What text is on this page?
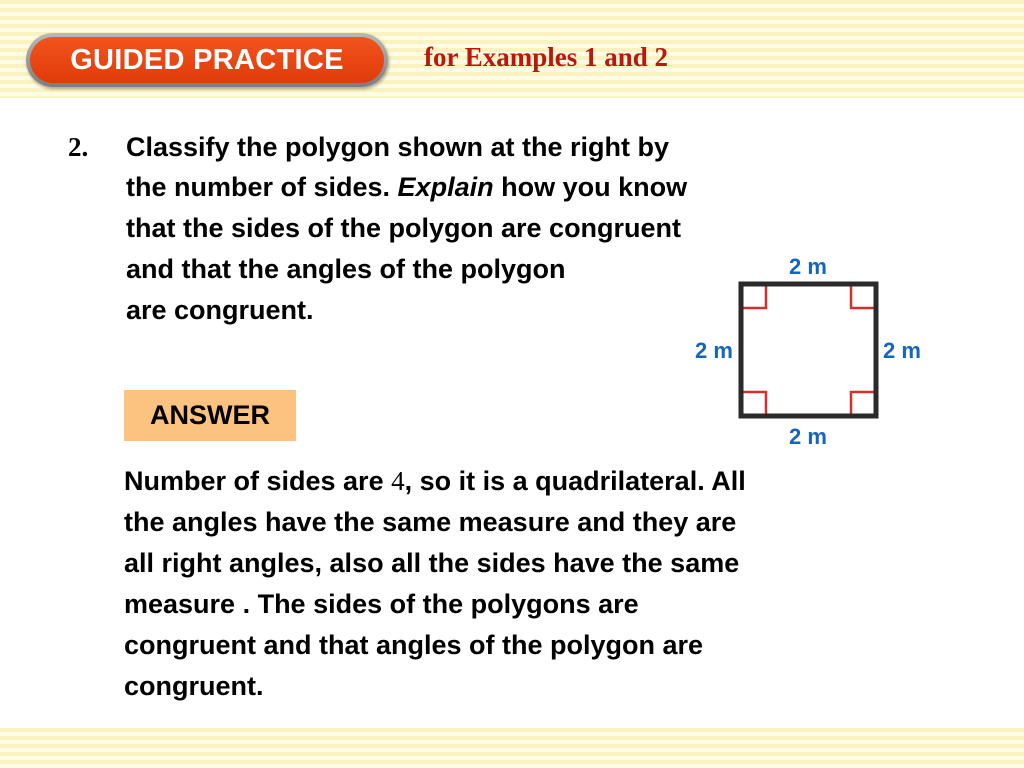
GUIDED PRACTICE	for Examples 1 and 2
2. Classify the polygon shown at the right by
the number of sides. Explain how you know
that the sides of the polygon are congruent
and that the angles of the polygon
are congruent.
2 m
2 m	2 m
2 m
ANSWER
Number of sides are 4, so it is a quadrilateral. All
the angles have the same measure and they are
all right angles, also all the sides have the same
measure . The sides of the polygons are
congruent and that angles of the polygon are
congruent.
